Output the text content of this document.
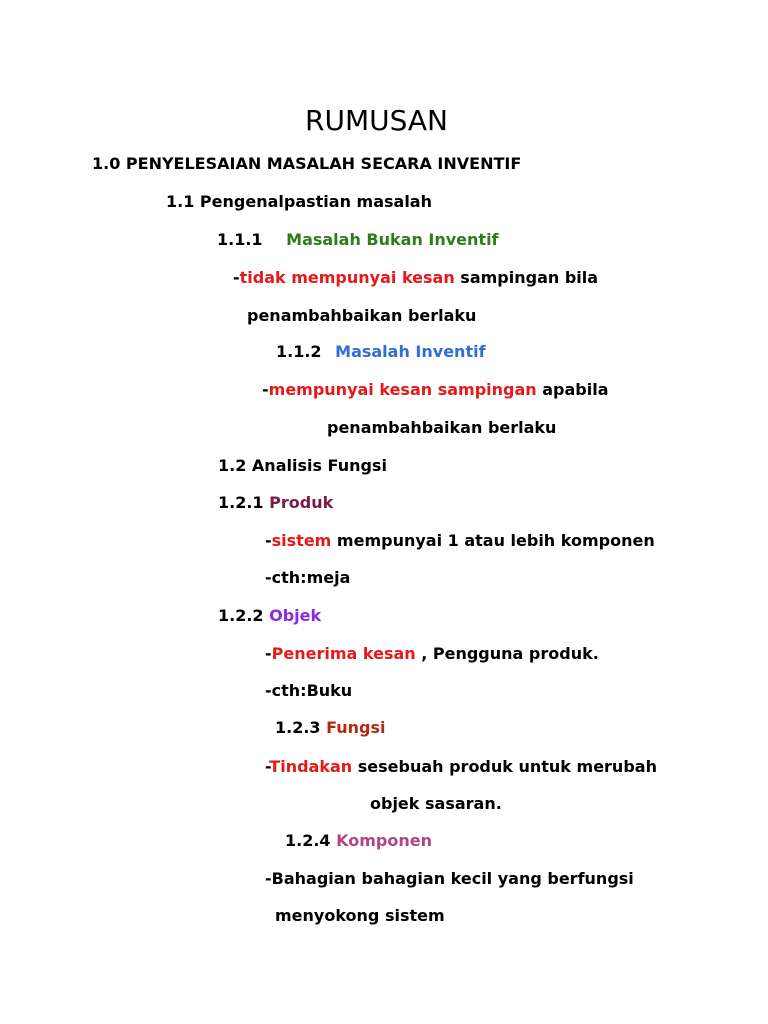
RUMUSAN
1.0 PENYELESAIAN MASALAH SECARA INVENTIF
1.1 Pengenalpastian masalah
1.1.1 Masalah Bukan Inventif
-tidak mempunyai kesan sampingan bila
penambahbaikan berlaku
1.1.2 Masalah Inventif
-mempunyai kesan sampingan apabila
penambahbaikan berlaku
1.2 Analisis Fungsi
1.2.1 Produk
-sistem mempunyai 1 atau lebih komponen
-cth:meja
1.2.2 Objek
-Penerima kesan , Pengguna produk.
-cth:Buku
1.2.3 Fungsi
-Tindakan sesebuah produk untuk merubah
objek sasaran.
1.2.4 Komponen
-Bahagian bahagian kecil yang berfungsi
menyokong sistem
